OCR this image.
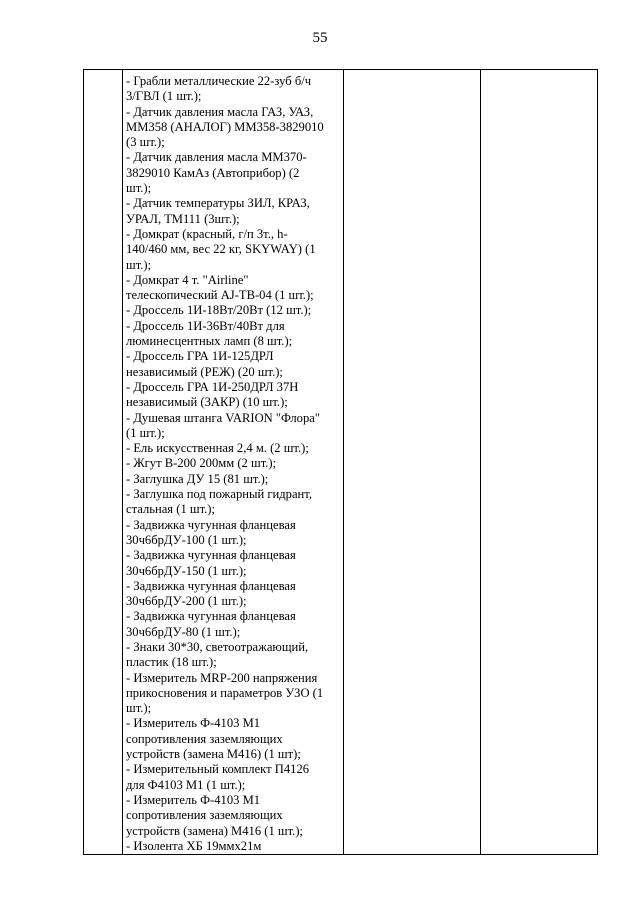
55

- Грабли металлические 22-зуб б/ч
3/ГВЛ (1 шт.);
- Датчик давления масла ГАЗ, УАЗ,
ММ358 (АНАЛОГ) ММ358-3829010
(3 шт.);
- Датчик давления масла ММ370-
3829010 КамАз (Автоприбор) (2
шт.);
- Датчик температуры ЗИЛ, КРАЗ,
УРАЛ, ТМ111 (3шт.);
- Домкрат (красный, г/п 3т., h-
140/460 мм, вес 22 кг, SKYWAY) (1
шт.);
- Домкрат 4 т. "Airline"
телескопический AJ-TB-04 (1 шт.);
- Дроссель 1И-18Вт/20Вт (12 шт.);
- Дроссель 1И-36Вт/40Вт для
люминесцентных ламп (8 шт.);
- Дроссель ГРА 1И-125ДРЛ
независимый (РЕЖ) (20 шт.);
- Дроссель ГРА 1И-250ДРЛ 37Н
независимый (ЗАКР) (10 шт.);
- Душевая штанга VARION "Флора"
(1 шт.);
- Ель искусственная 2,4 м. (2 шт.);
- Жгут В-200 200мм (2 шт.);
- Заглушка ДУ 15 (81 шт.);
- Заглушка под пожарный гидрант,
стальная (1 шт.);
- Задвижка чугунная фланцевая
30ч6брДУ-100 (1 шт.);
- Задвижка чугунная фланцевая
30ч6брДУ-150 (1 шт.);
- Задвижка чугунная фланцевая
30ч6брДУ-200 (1 шт.);
- Задвижка чугунная фланцевая
30ч6брДУ-80 (1 шт.);
- Знаки 30*30, светоотражающий,
пластик (18 шт.);
- Измеритель MRP-200 напряжения
прикосновения и параметров УЗО (1
шт.);
- Измеритель Ф-4103 М1
сопротивления заземляющих
устройств (замена М416) (1 шт);
- Измерительный комплект П4126
для Ф4103 М1 (1 шт.);
- Измеритель Ф-4103 М1
сопротивления заземляющих
устройств (замена) М416 (1 шт.);
- Изолента ХБ 19ммх21м
